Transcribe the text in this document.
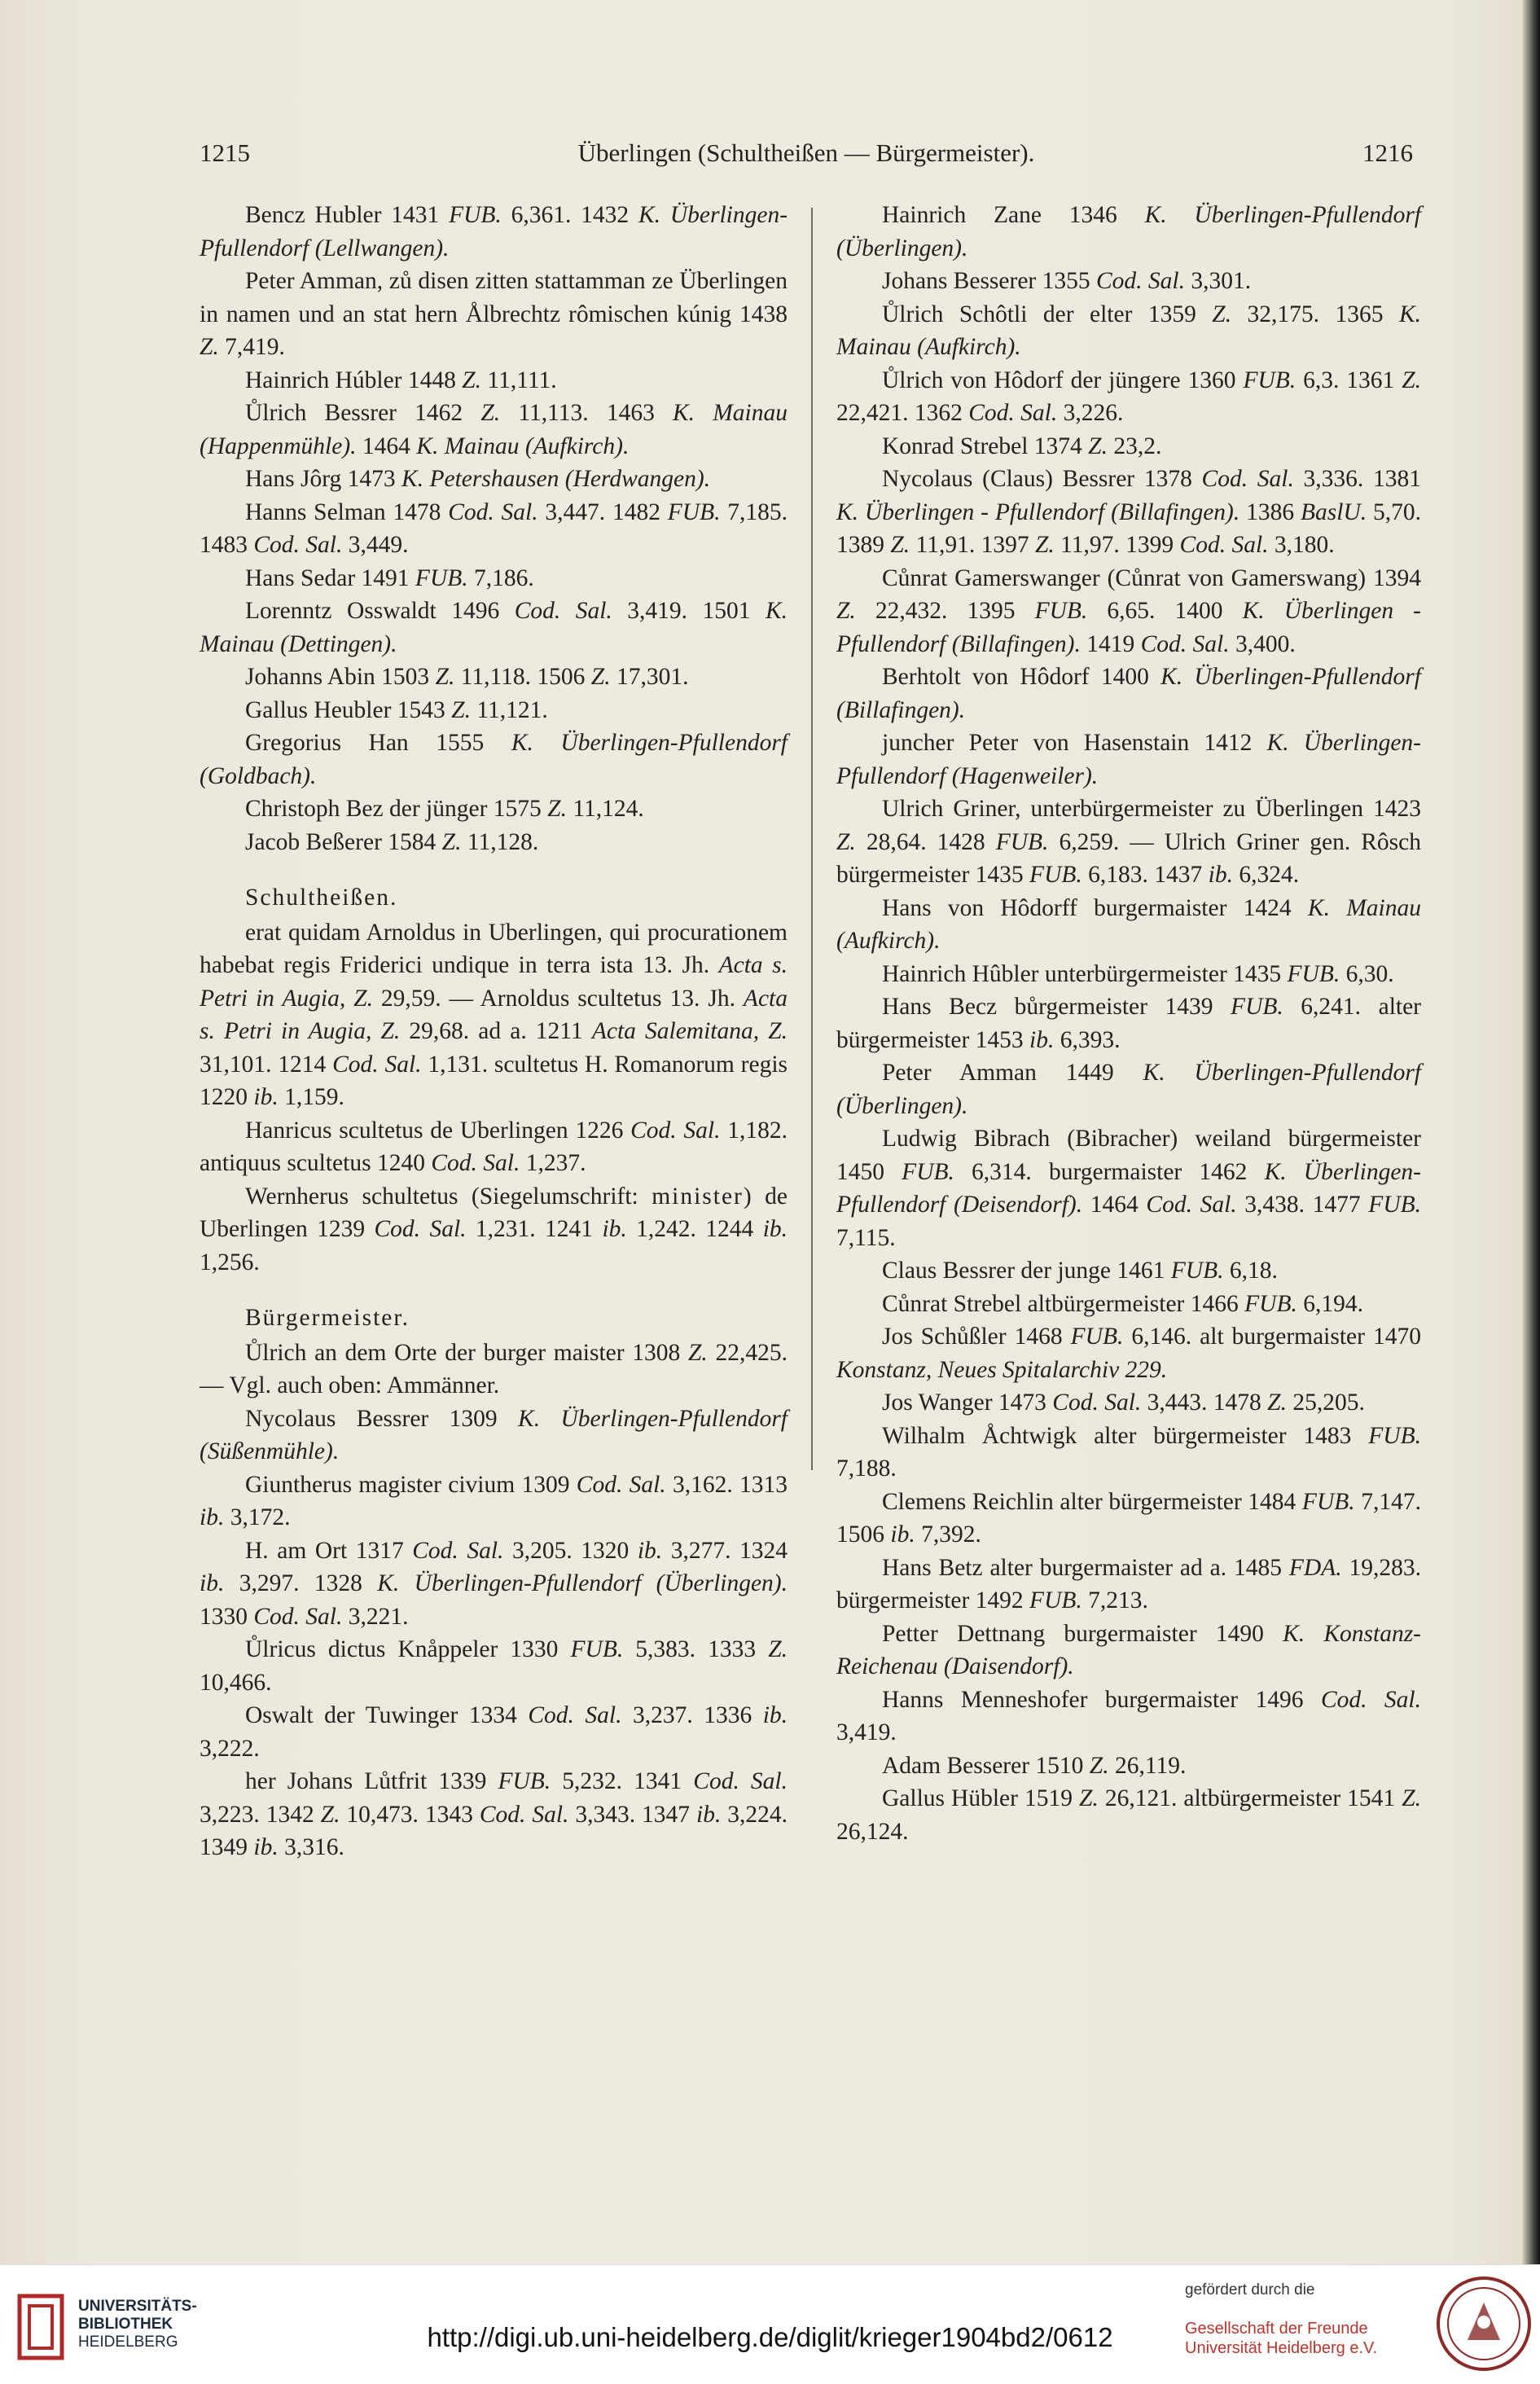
1215	Überlingen (Schultheißen — Bürgermeister).	1216

Bencz Hubler 1431 FUB. 6,361. 1432 K. Überlingen-Pfullendorf (Lellwangen).

Peter Amman, zů disen zitten stattamman ze Überlingen in namen und an stat hern Ålbrechtz rômischen kúnig 1438 Z. 7,419.

Hainrich Húbler 1448 Z. 11,111.

Ůlrich Bessrer 1462 Z. 11,113. 1463 K. Mainau (Happenmühle). 1464 K. Mainau (Aufkirch).

Hans Jôrg 1473 K. Petershausen (Herdwangen).

Hanns Selman 1478 Cod. Sal. 3,447. 1482 FUB. 7,185. 1483 Cod. Sal. 3,449.

Hans Sedar 1491 FUB. 7,186.

Lorenntz Osswaldt 1496 Cod. Sal. 3,419. 1501 K. Mainau (Dettingen).

Johanns Abin 1503 Z. 11,118. 1506 Z. 17,301.

Gallus Heubler 1543 Z. 11,121.

Gregorius Han 1555 K. Überlingen-Pfullendorf (Goldbach).

Christoph Bez der jünger 1575 Z. 11,124.

Jacob Beßerer 1584 Z. 11,128.

Schultheißen.

erat quidam Arnoldus in Uberlingen, qui procurationem habebat regis Friderici undique in terra ista 13. Jh. Acta s. Petri in Augia, Z. 29,59. — Arnoldus scultetus 13. Jh. Acta s. Petri in Augia, Z. 29,68. ad a. 1211 Acta Salemitana, Z. 31,101. 1214 Cod. Sal. 1,131. scultetus H. Romanorum regis 1220 ib. 1,159.

Hanricus scultetus de Uberlingen 1226 Cod. Sal. 1,182. antiquus scultetus 1240 Cod. Sal. 1,237.

Wernherus schultetus (Siegelumschrift: minister) de Uberlingen 1239 Cod. Sal. 1,231. 1241 ib. 1,242. 1244 ib. 1,256.

Bürgermeister.

Ůlrich an dem Orte der burger maister 1308 Z. 22,425. — Vgl. auch oben: Ammänner.

Nycolaus Bessrer 1309 K. Überlingen-Pfullendorf (Süßenmühle).

Giuntherus magister civium 1309 Cod. Sal. 3,162. 1313 ib. 3,172.

H. am Ort 1317 Cod. Sal. 3,205. 1320 ib. 3,277. 1324 ib. 3,297. 1328 K. Überlingen-Pfullendorf (Überlingen). 1330 Cod. Sal. 3,221.

Ůlricus dictus Knåppeler 1330 FUB. 5,383. 1333 Z. 10,466.

Oswalt der Tuwinger 1334 Cod. Sal. 3,237. 1336 ib. 3,222.

her Johans Lůtfrit 1339 FUB. 5,232. 1341 Cod. Sal. 3,223. 1342 Z. 10,473. 1343 Cod. Sal. 3,343. 1347 ib. 3,224. 1349 ib. 3,316.

Hainrich Zane 1346 K. Überlingen-Pfullendorf (Überlingen).

Johans Besserer 1355 Cod. Sal. 3,301.

Ůlrich Schôtli der elter 1359 Z. 32,175. 1365 K. Mainau (Aufkirch).

Ůlrich von Hôdorf der jüngere 1360 FUB. 6,3. 1361 Z. 22,421. 1362 Cod. Sal. 3,226.

Konrad Strebel 1374 Z. 23,2.

Nycolaus (Claus) Bessrer 1378 Cod. Sal. 3,336. 1381 K. Überlingen - Pfullendorf (Billafingen). 1386 BaslU. 5,70. 1389 Z. 11,91. 1397 Z. 11,97. 1399 Cod. Sal. 3,180.

Cůnrat Gamerswanger (Cůnrat von Gamerswang) 1394 Z. 22,432. 1395 FUB. 6,65. 1400 K. Überlingen - Pfullendorf (Billafingen). 1419 Cod. Sal. 3,400.

Berhtolt von Hôdorf 1400 K. Überlingen-Pfullendorf (Billafingen).

juncher Peter von Hasenstain 1412 K. Überlingen-Pfullendorf (Hagenweiler).

Ulrich Griner, unterbürgermeister zu Überlingen 1423 Z. 28,64. 1428 FUB. 6,259. — Ulrich Griner gen. Rôsch bürgermeister 1435 FUB. 6,183. 1437 ib. 6,324.

Hans von Hôdorff burgermaister 1424 K. Mainau (Aufkirch).

Hainrich Hûbler unterbürgermeister 1435 FUB. 6,30.

Hans Becz bůrgermeister 1439 FUB. 6,241. alter bürgermeister 1453 ib. 6,393.

Peter Amman 1449 K. Überlingen-Pfullendorf (Überlingen).

Ludwig Bibrach (Bibracher) weiland bürgermeister 1450 FUB. 6,314. burgermaister 1462 K. Überlingen-Pfullendorf (Deisendorf). 1464 Cod. Sal. 3,438. 1477 FUB. 7,115.

Claus Bessrer der junge 1461 FUB. 6,18.

Cůnrat Strebel altbürgermeister 1466 FUB. 6,194.

Jos Schůßler 1468 FUB. 6,146. alt burgermaister 1470 Konstanz, Neues Spitalarchiv 229.

Jos Wanger 1473 Cod. Sal. 3,443. 1478 Z. 25,205.

Wilhalm Åchtwigk alter bürgermeister 1483 FUB. 7,188.

Clemens Reichlin alter bürgermeister 1484 FUB. 7,147. 1506 ib. 7,392.

Hans Betz alter burgermaister ad a. 1485 FDA. 19,283. bürgermeister 1492 FUB. 7,213.

Petter Dettnang burgermaister 1490 K. Konstanz-Reichenau (Daisendorf).

Hanns Menneshofer burgermaister 1496 Cod. Sal. 3,419.

Adam Besserer 1510 Z. 26,119.

Gallus Hübler 1519 Z. 26,121. altbürgermeister 1541 Z. 26,124.

UNIVERSITÄTS-
BIBLIOTHEK
HEIDELBERG	http://digi.ub.uni-heidelberg.de/diglit/krieger1904bd2/0612
gefördert durch die
Gesellschaft der Freunde
Universität Heidelberg e.V.
